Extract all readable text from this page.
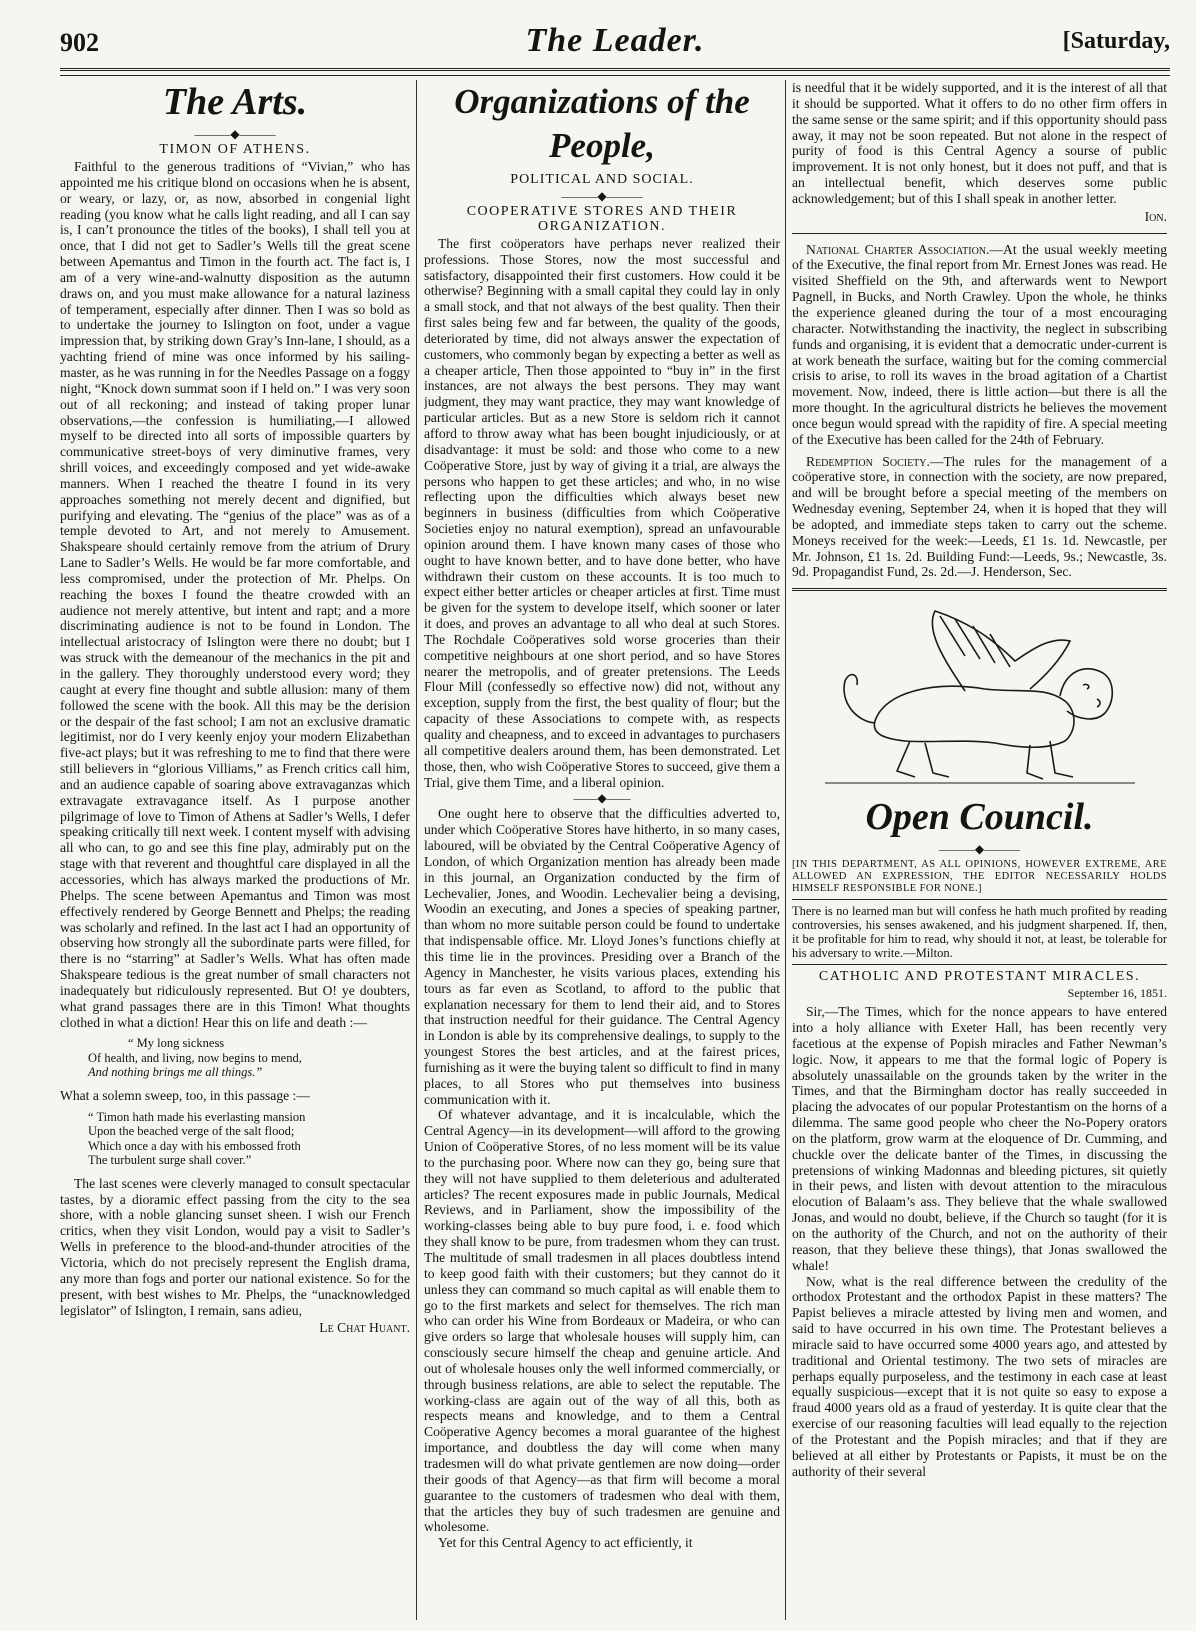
902	The Leader.	[Saturday,
The Arts.
———◆———
TIMON OF ATHENS.

Faithful to the generous traditions of “Vivian,” who has appointed me his critique blond on occasions when he is absent, or weary, or lazy, or, as now, absorbed in congenial light reading (you know what he calls light reading, and all I can say is, I can’t pronounce the titles of the books), I shall tell you at once, that I did not get to Sadler’s Wells till the great scene between Apemantus and Timon in the fourth act. The fact is, I am of a very wine-and-walnutty disposition as the autumn draws on, and you must make allowance for a natural laziness of temperament, especially after dinner. Then I was so bold as to undertake the journey to Islington on foot, under a vague impression that, by striking down Gray’s Inn-lane, I should, as a yachting friend of mine was once informed by his sailing-master, as he was running in for the Needles Passage on a foggy night, “Knock down summat soon if I held on.” I was very soon out of all reckoning; and instead of taking proper lunar observations,—the confession is humiliating,—I allowed myself to be directed into all sorts of impossible quarters by communicative street-boys of very diminutive frames, very shrill voices, and exceedingly composed and yet wide-awake manners. When I reached the theatre I found in its very approaches something not merely decent and dignified, but purifying and elevating. The “genius of the place” was as of a temple devoted to Art, and not merely to Amusement. Shakspeare should certainly remove from the atrium of Drury Lane to Sadler’s Wells. He would be far more comfortable, and less compromised, under the protection of Mr. Phelps. On reaching the boxes I found the theatre crowded with an audience not merely attentive, but intent and rapt; and a more discriminating audience is not to be found in London. The intellectual aristocracy of Islington were there no doubt; but I was struck with the demeanour of the mechanics in the pit and in the gallery. They thoroughly understood every word; they caught at every fine thought and subtle allusion: many of them followed the scene with the book. All this may be the derision or the despair of the fast school; I am not an exclusive dramatic legitimist, nor do I very keenly enjoy your modern Elizabethan five-act plays; but it was refreshing to me to find that there were still believers in “glorious Villiams,” as French critics call him, and an audience capable of soaring above extravaganzas which extravagate extravagance itself. As I purpose another pilgrimage of love to Timon of Athens at Sadler’s Wells, I defer speaking critically till next week. I content myself with advising all who can, to go and see this fine play, admirably put on the stage with that reverent and thoughtful care displayed in all the accessories, which has always marked the productions of Mr. Phelps. The scene between Apemantus and Timon was most effectively rendered by George Bennett and Phelps; the reading was scholarly and refined. In the last act I had an opportunity of observing how strongly all the subordinate parts were filled, for there is no “starring” at Sadler’s Wells. What has often made Shakspeare tedious is the great number of small characters not inadequately but ridiculously represented. But O! ye doubters, what grand passages there are in this Timon! What thoughts clothed in what a diction! Hear this on life and death :—

“ My long sickness
Of health, and living, now begins to mend,
And nothing brings me all things.”

What a solemn sweep, too, in this passage :—

“ Timon hath made his everlasting mansion
Upon the beached verge of the salt flood;
Which once a day with his embossed froth
The turbulent surge shall cover.”

The last scenes were cleverly managed to consult spectacular tastes, by a dioramic effect passing from the city to the sea shore, with a noble glancing sunset sheen. I wish our French critics, when they visit London, would pay a visit to Sadler’s Wells in preference to the blood-and-thunder atrocities of the Victoria, which do not precisely represent the English drama, any more than fogs and porter our national existence. So for the present, with best wishes to Mr. Phelps, the “unacknowledged legislator” of Islington, I remain, sans adieu,

Le Chat Huant.
Organizations of the People,
POLITICAL AND SOCIAL.
———◆———
COOPERATIVE STORES AND THEIR ORGANIZATION.

The first coöperators have perhaps never realized their professions. Those Stores, now the most successful and satisfactory, disappointed their first customers. How could it be otherwise? Beginning with a small capital they could lay in only a small stock, and that not always of the best quality. Then their first sales being few and far between, the quality of the goods, deteriorated by time, did not always answer the expectation of customers, who commonly began by expecting a better as well as a cheaper article, Then those appointed to “buy in” in the first instances, are not always the best persons. They may want judgment, they may want practice, they may want knowledge of particular articles. But as a new Store is seldom rich it cannot afford to throw away what has been bought injudiciously, or at disadvantage: it must be sold: and those who come to a new Coöperative Store, just by way of giving it a trial, are always the persons who happen to get these articles; and who, in no wise reflecting upon the difficulties which always beset new beginners in business (difficulties from which Coöperative Societies enjoy no natural exemption), spread an unfavourable opinion around them. I have known many cases of those who ought to have known better, and to have done better, who have withdrawn their custom on these accounts. It is too much to expect either better articles or cheaper articles at first. Time must be given for the system to develope itself, which sooner or later it does, and proves an advantage to all who deal at such Stores. The Rochdale Coöperatives sold worse groceries than their competitive neighbours at one short period, and so have Stores nearer the metropolis, and of greater pretensions. The Leeds Flour Mill (confessedly so effective now) did not, without any exception, supply from the first, the best quality of flour; but the capacity of these Associations to compete with, as respects quality and cheapness, and to exceed in advantages to purchasers all competitive dealers around them, has been demonstrated. Let those, then, who wish Coöperative Stores to succeed, give them a Trial, give them Time, and a liberal opinion.

——◆——

One ought here to observe that the difficulties adverted to, under which Coöperative Stores have hitherto, in so many cases, laboured, will be obviated by the Central Coöperative Agency of London, of which Organization mention has already been made in this journal, an Organization conducted by the firm of Lechevalier, Jones, and Woodin. Lechevalier being a devising, Woodin an executing, and Jones a species of speaking partner, than whom no more suitable person could be found to undertake that indispensable office. Mr. Lloyd Jones’s functions chiefly at this time lie in the provinces. Presiding over a Branch of the Agency in Manchester, he visits various places, extending his tours as far even as Scotland, to afford to the public that explanation necessary for them to lend their aid, and to Stores that instruction needful for their guidance. The Central Agency in London is able by its comprehensive dealings, to supply to the youngest Stores the best articles, and at the fairest prices, furnishing as it were the buying talent so difficult to find in many places, to all Stores who put themselves into business communication with it.

Of whatever advantage, and it is incalculable, which the Central Agency—in its development—will afford to the growing Union of Coöperative Stores, of no less moment will be its value to the purchasing poor. Where now can they go, being sure that they will not have supplied to them deleterious and adulterated articles? The recent exposures made in public Journals, Medical Reviews, and in Parliament, show the impossibility of the working-classes being able to buy pure food, i. e. food which they shall know to be pure, from tradesmen whom they can trust. The multitude of small tradesmen in all places doubtless intend to keep good faith with their customers; but they cannot do it unless they can command so much capital as will enable them to go to the first markets and select for themselves. The rich man who can order his Wine from Bordeaux or Madeira, or who can give orders so large that wholesale houses will supply him, can consciously secure himself the cheap and genuine article. And out of wholesale houses only the well informed commercially, or through business relations, are able to select the reputable. The working-class are again out of the way of all this, both as respects means and knowledge, and to them a Central Coöperative Agency becomes a moral guarantee of the highest importance, and doubtless the day will come when many tradesmen will do what private gentlemen are now doing—order their goods of that Agency—as that firm will become a moral guarantee to the customers of tradesmen who deal with them, that the articles they buy of such tradesmen are genuine and wholesome.

Yet for this Central Agency to act efficiently, it

is needful that it be widely supported, and it is the interest of all that it should be supported. What it offers to do no other firm offers in the same sense or the same spirit; and if this opportunity should pass away, it may not be soon repeated. But not alone in the respect of purity of food is this Central Agency a sourse of public improvement. It is not only honest, but it does not puff, and that is an intellectual benefit, which deserves some public acknowledgement; but of this I shall speak in another letter.

Ion.

National Charter Association.—At the usual weekly meeting of the Executive, the final report from Mr. Ernest Jones was read. He visited Sheffield on the 9th, and afterwards went to Newport Pagnell, in Bucks, and North Crawley. Upon the whole, he thinks the experience gleaned during the tour of a most encouraging character. Notwithstanding the inactivity, the neglect in subscribing funds and organising, it is evident that a democratic under-current is at work beneath the surface, waiting but for the coming commercial crisis to arise, to roll its waves in the broad agitation of a Chartist movement. Now, indeed, there is little action—but there is all the more thought. In the agricultural districts he believes the movement once begun would spread with the rapidity of fire. A special meeting of the Executive has been called for the 24th of February.

Redemption Society.—The rules for the management of a coöperative store, in connection with the society, are now prepared, and will be brought before a special meeting of the members on Wednesday evening, September 24, when it is hoped that they will be adopted, and immediate steps taken to carry out the scheme. Moneys received for the week:—Leeds, £1 1s. 1d. Newcastle, per Mr. Johnson, £1 1s. 2d. Building Fund:—Leeds, 9s.; Newcastle, 3s. 9d. Propagandist Fund, 2s. 2d.—J. Henderson, Sec.

Open Council.
———◆———
[IN THIS DEPARTMENT, AS ALL OPINIONS, HOWEVER EXTREME, ARE ALLOWED AN EXPRESSION, THE EDITOR NECESSARILY HOLDS HIMSELF RESPONSIBLE FOR NONE.]
There is no learned man but will confess he hath much profited by reading controversies, his senses awakened, and his judgment sharpened. If, then, it be profitable for him to read, why should it not, at least, be tolerable for his adversary to write.—Milton.
CATHOLIC AND PROTESTANT MIRACLES.
September 16, 1851.

Sir,—The Times, which for the nonce appears to have entered into a holy alliance with Exeter Hall, has been recently very facetious at the expense of Popish miracles and Father Newman’s logic. Now, it appears to me that the formal logic of Popery is absolutely unassailable on the grounds taken by the writer in the Times, and that the Birmingham doctor has really succeeded in placing the advocates of our popular Protestantism on the horns of a dilemma. The same good people who cheer the No-Popery orators on the platform, grow warm at the eloquence of Dr. Cumming, and chuckle over the delicate banter of the Times, in discussing the pretensions of winking Madonnas and bleeding pictures, sit quietly in their pews, and listen with devout attention to the miraculous elocution of Balaam’s ass. They believe that the whale swallowed Jonas, and would no doubt, believe, if the Church so taught (for it is on the authority of the Church, and not on the authority of their reason, that they believe these things), that Jonas swallowed the whale!

Now, what is the real difference between the credulity of the orthodox Protestant and the orthodox Papist in these matters? The Papist believes a miracle attested by living men and women, and said to have occurred in his own time. The Protestant believes a miracle said to have occurred some 4000 years ago, and attested by traditional and Oriental testimony. The two sets of miracles are perhaps equally purposeless, and the testimony in each case at least equally suspicious—except that it is not quite so easy to expose a fraud 4000 years old as a fraud of yesterday. It is quite clear that the exercise of our reasoning faculties will lead equally to the rejection of the Protestant and the Popish miracles; and that if they are believed at all either by Protestants or Papists, it must be on the authority of their several
